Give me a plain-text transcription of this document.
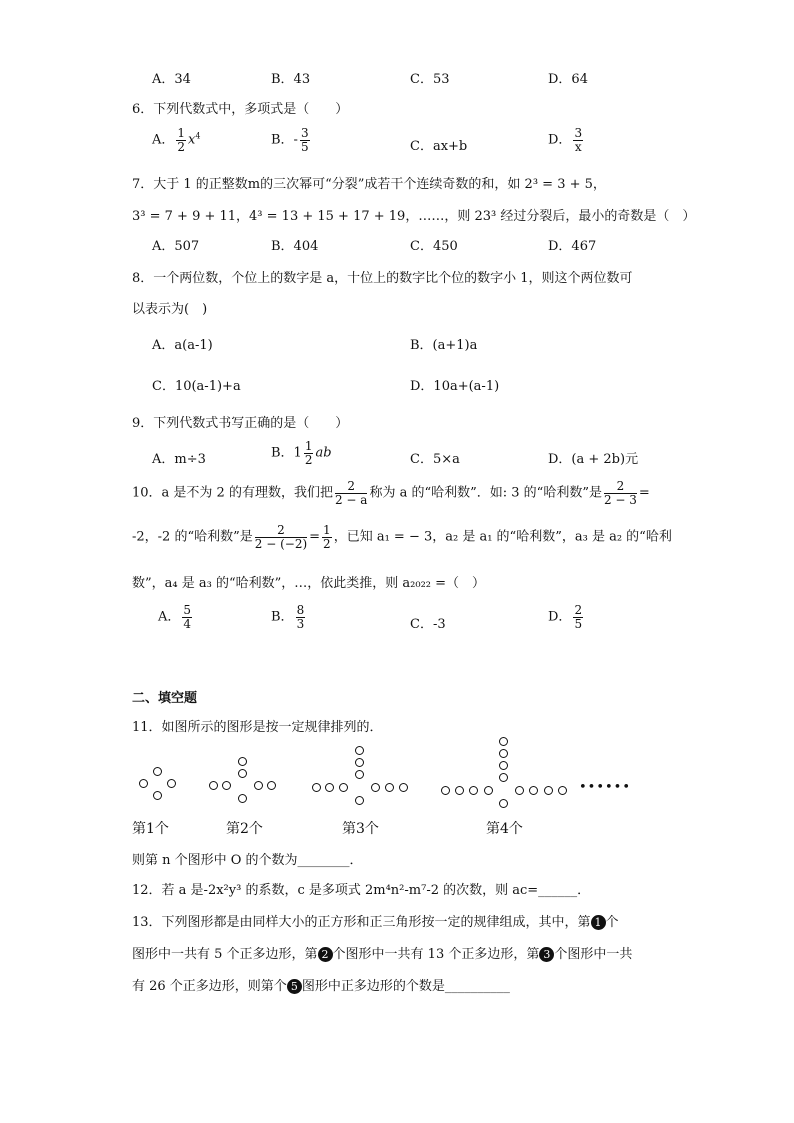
A．34	B．43	C．53	D．64
6．下列代数式中，多项式是（　　）
A． $\frac{1}{2} x^4$	B．- $\frac{3}{5}$	C．ax+b	D． $\frac{3}{x}$
7．大于 1 的正整数m的三次幂可“分裂”成若干个连续奇数的和，如 2³ = 3 + 5，
3³ = 7 + 9 + 11，4³ = 13 + 15 + 17 + 19，……，则 23³ 经过分裂后，最小的奇数是（　）
A．507	B．404	C．450	D．467
8．一个两位数，个位上的数字是 a，十位上的数字比个位的数字小 1，则这个两位数可
以表示为(　)
A．a(a-1)	B．(a+1)a
C．10(a-1)+a	D．10a+(a-1)
9．下列代数式书写正确的是（　　）
A．m÷3	B．$1 \frac{1}{2}$ ab	C．5×a	D．(a + 2b)元
10．a 是不为 2 的有理数，我们把 $\frac{2}{2 - a}$ 称为 a 的“哈利数”．如: 3 的“哈利数”是 $\frac{2}{2 - 3}$ =
-2，-2 的“哈利数”是 $\frac{2}{2 - (-2)} = \frac{1}{2}$ ，已知 a₁ = − 3，a₂ 是 a₁ 的“哈利数”，a₃ 是 a₂ 的“哈利
数”，a₄ 是 a₃ 的“哈利数”，…，依此类推，则 a₂₀₂₂ =（　）
A． $\frac{5}{4}$	B． $\frac{8}{3}$	C．-3	D． $\frac{2}{5}$
二、填空题
11．如图所示的图形是按一定规律排列的．
••••••
第1个	第2个	第3个	第4个
则第 n 个图形中 O 的个数为________．
12．若 a 是-2x²y³ 的系数，c 是多项式 2m⁴n²-m⁷-2 的次数，则 ac=______．
13．下列图形都是由同样大小的正方形和正三角形按一定的规律组成，其中，第 1 个
图形中一共有 5 个正多边形，第 2 个图形中一共有 13 个正多边形，第 3 个图形中一共
有 26 个正多边形，则第个 5 图形中正多边形的个数是__________
